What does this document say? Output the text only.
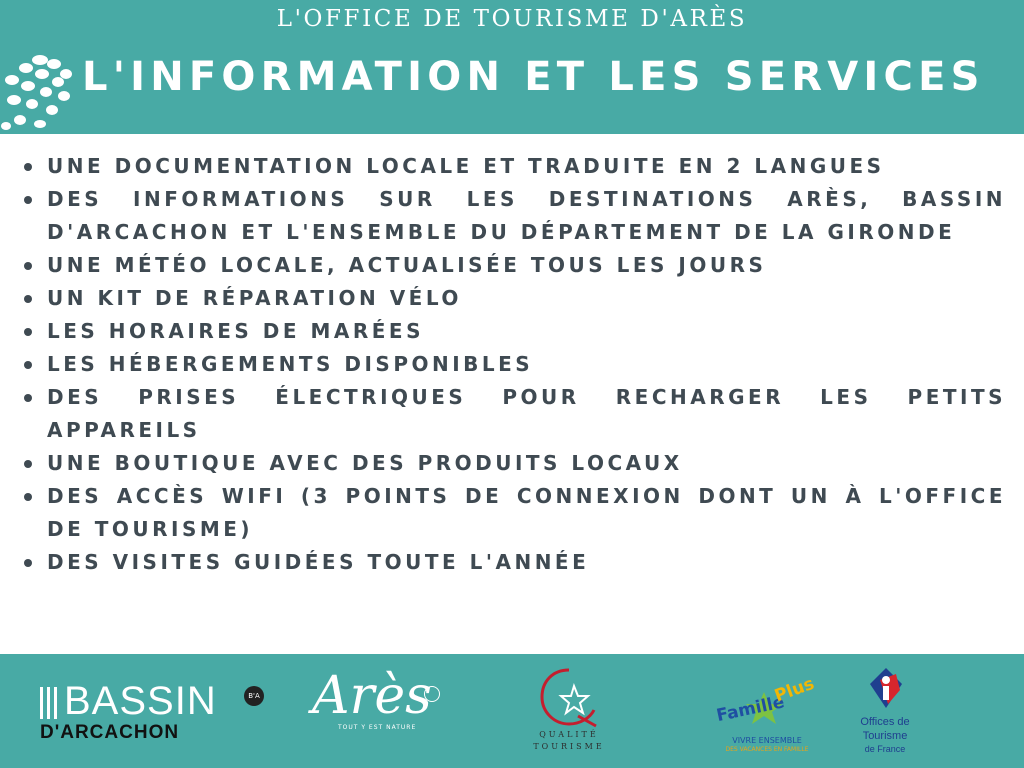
L'OFFICE DE TOURISME D'ARÈS
L'INFORMATION ET LES SERVICES
UNE DOCUMENTATION LOCALE ET TRADUITE EN 2 LANGUES
DES INFORMATIONS SUR LES DESTINATIONS ARÈS, BASSIN D'ARCACHON ET L'ENSEMBLE DU DÉPARTEMENT DE LA GIRONDE
UNE MÉTÉO LOCALE, ACTUALISÉE TOUS LES JOURS
UN KIT DE RÉPARATION VÉLO
LES HORAIRES DE MARÉES
LES HÉBERGEMENTS DISPONIBLES
DES PRISES ÉLECTRIQUES POUR RECHARGER LES PETITS APPAREILS
UNE BOUTIQUE AVEC DES PRODUITS LOCAUX
DES ACCÈS WIFI (3 POINTS DE CONNEXION DONT UN À L'OFFICE DE TOURISME)
DES VISITES GUIDÉES TOUTE L'ANNÉE
BASSIN
D'ARCACHON
B'A Arès
TOUT Y EST NATURE
QUALITÉ
TOURISME
Famille
Plus
VIVRE ENSEMBLE
DES VACANCES EN FAMILLE
Offices de
Tourisme
de France
